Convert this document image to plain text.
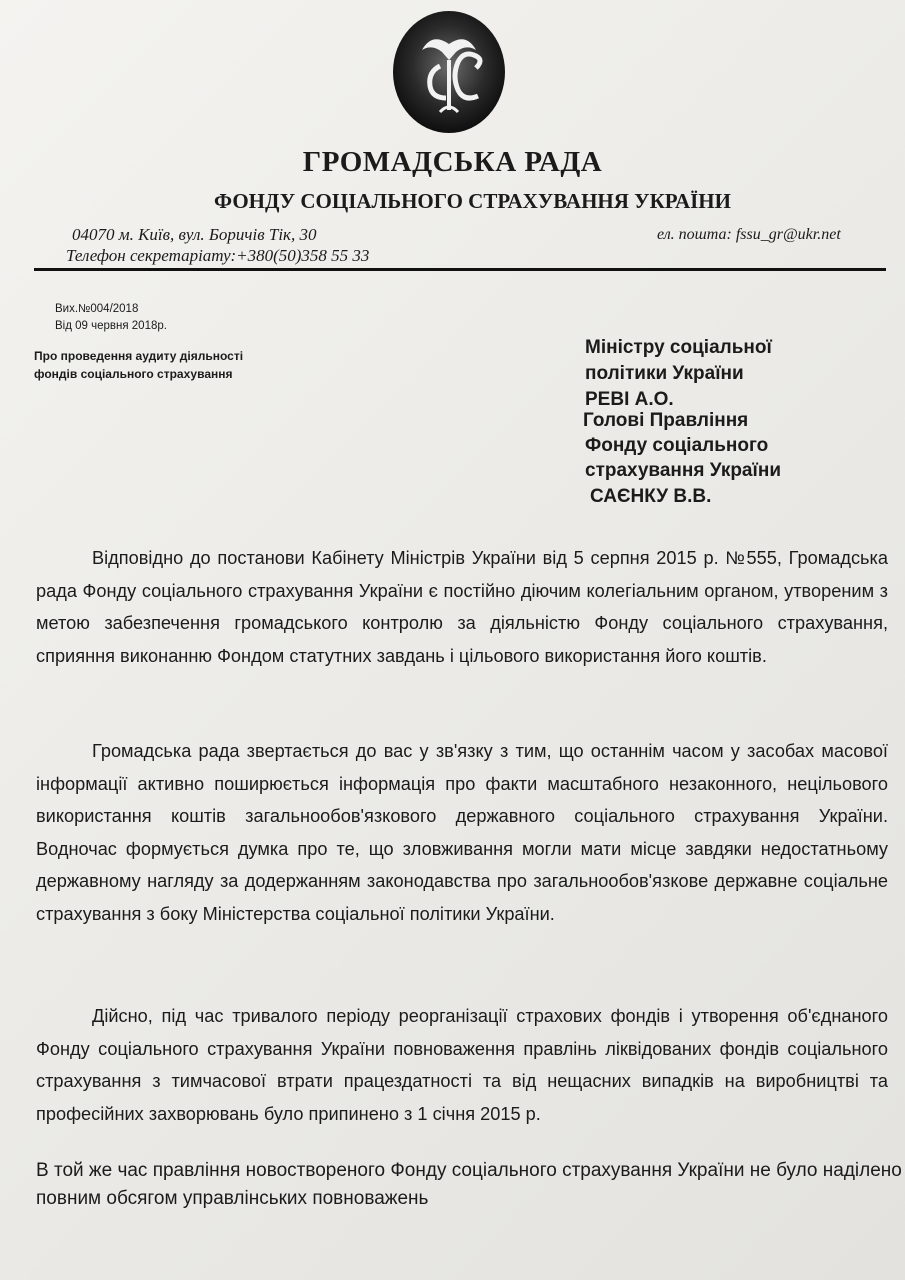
ГРОМАДСЬКА РАДА
ФОНДУ СОЦІАЛЬНОГО СТРАХУВАННЯ УКРАЇНИ
04070 м. Київ, вул. Боричів Тік, 30	ел. пошта: fssu_gr@ukr.net
Телефон секретаріату:+380(50)358 55 33
Вих.№004/2018
Від 09 червня 2018р.
Про проведення аудиту діяльності
фондів соціального страхування
Міністру соціальної
політики України
РЕВІ А.О.
Голові Правління
Фонду соціального
страхування України
САЄНКУ В.В.

Відповідно до постанови Кабінету Міністрів України від 5 серпня 2015 р. №555, Громадська рада Фонду соціального страхування України є постійно діючим колегіальним органом, утвореним з метою забезпечення громадського контролю за діяльністю Фонду соціального страхування, сприяння виконанню Фондом статутних завдань і цільового використання його коштів.

Громадська рада звертається до вас у зв'язку з тим, що останнім часом у засобах масової інформації активно поширюється інформація про факти масштабного незаконного, нецільового використання коштів загальнообов'язкового державного соціального страхування України. Водночас формується думка про те, що зловживання могли мати місце завдяки недостатньому державному нагляду за додержанням законодавства про загальнообов'язкове державне соціальне страхування з боку Міністерства соціальної політики України.

Дійсно, під час тривалого періоду реорганізації страхових фондів і утворення об'єднаного Фонду соціального страхування України повноваження правлінь ліквідованих фондів соціального страхування з тимчасової втрати працездатності та від нещасних випадків на виробництві та професійних захворювань було припинено з 1 січня 2015 р.

В той же час правління новоствореного Фонду соціального страхування України не було наділено повним обсягом управлінських повноважень
